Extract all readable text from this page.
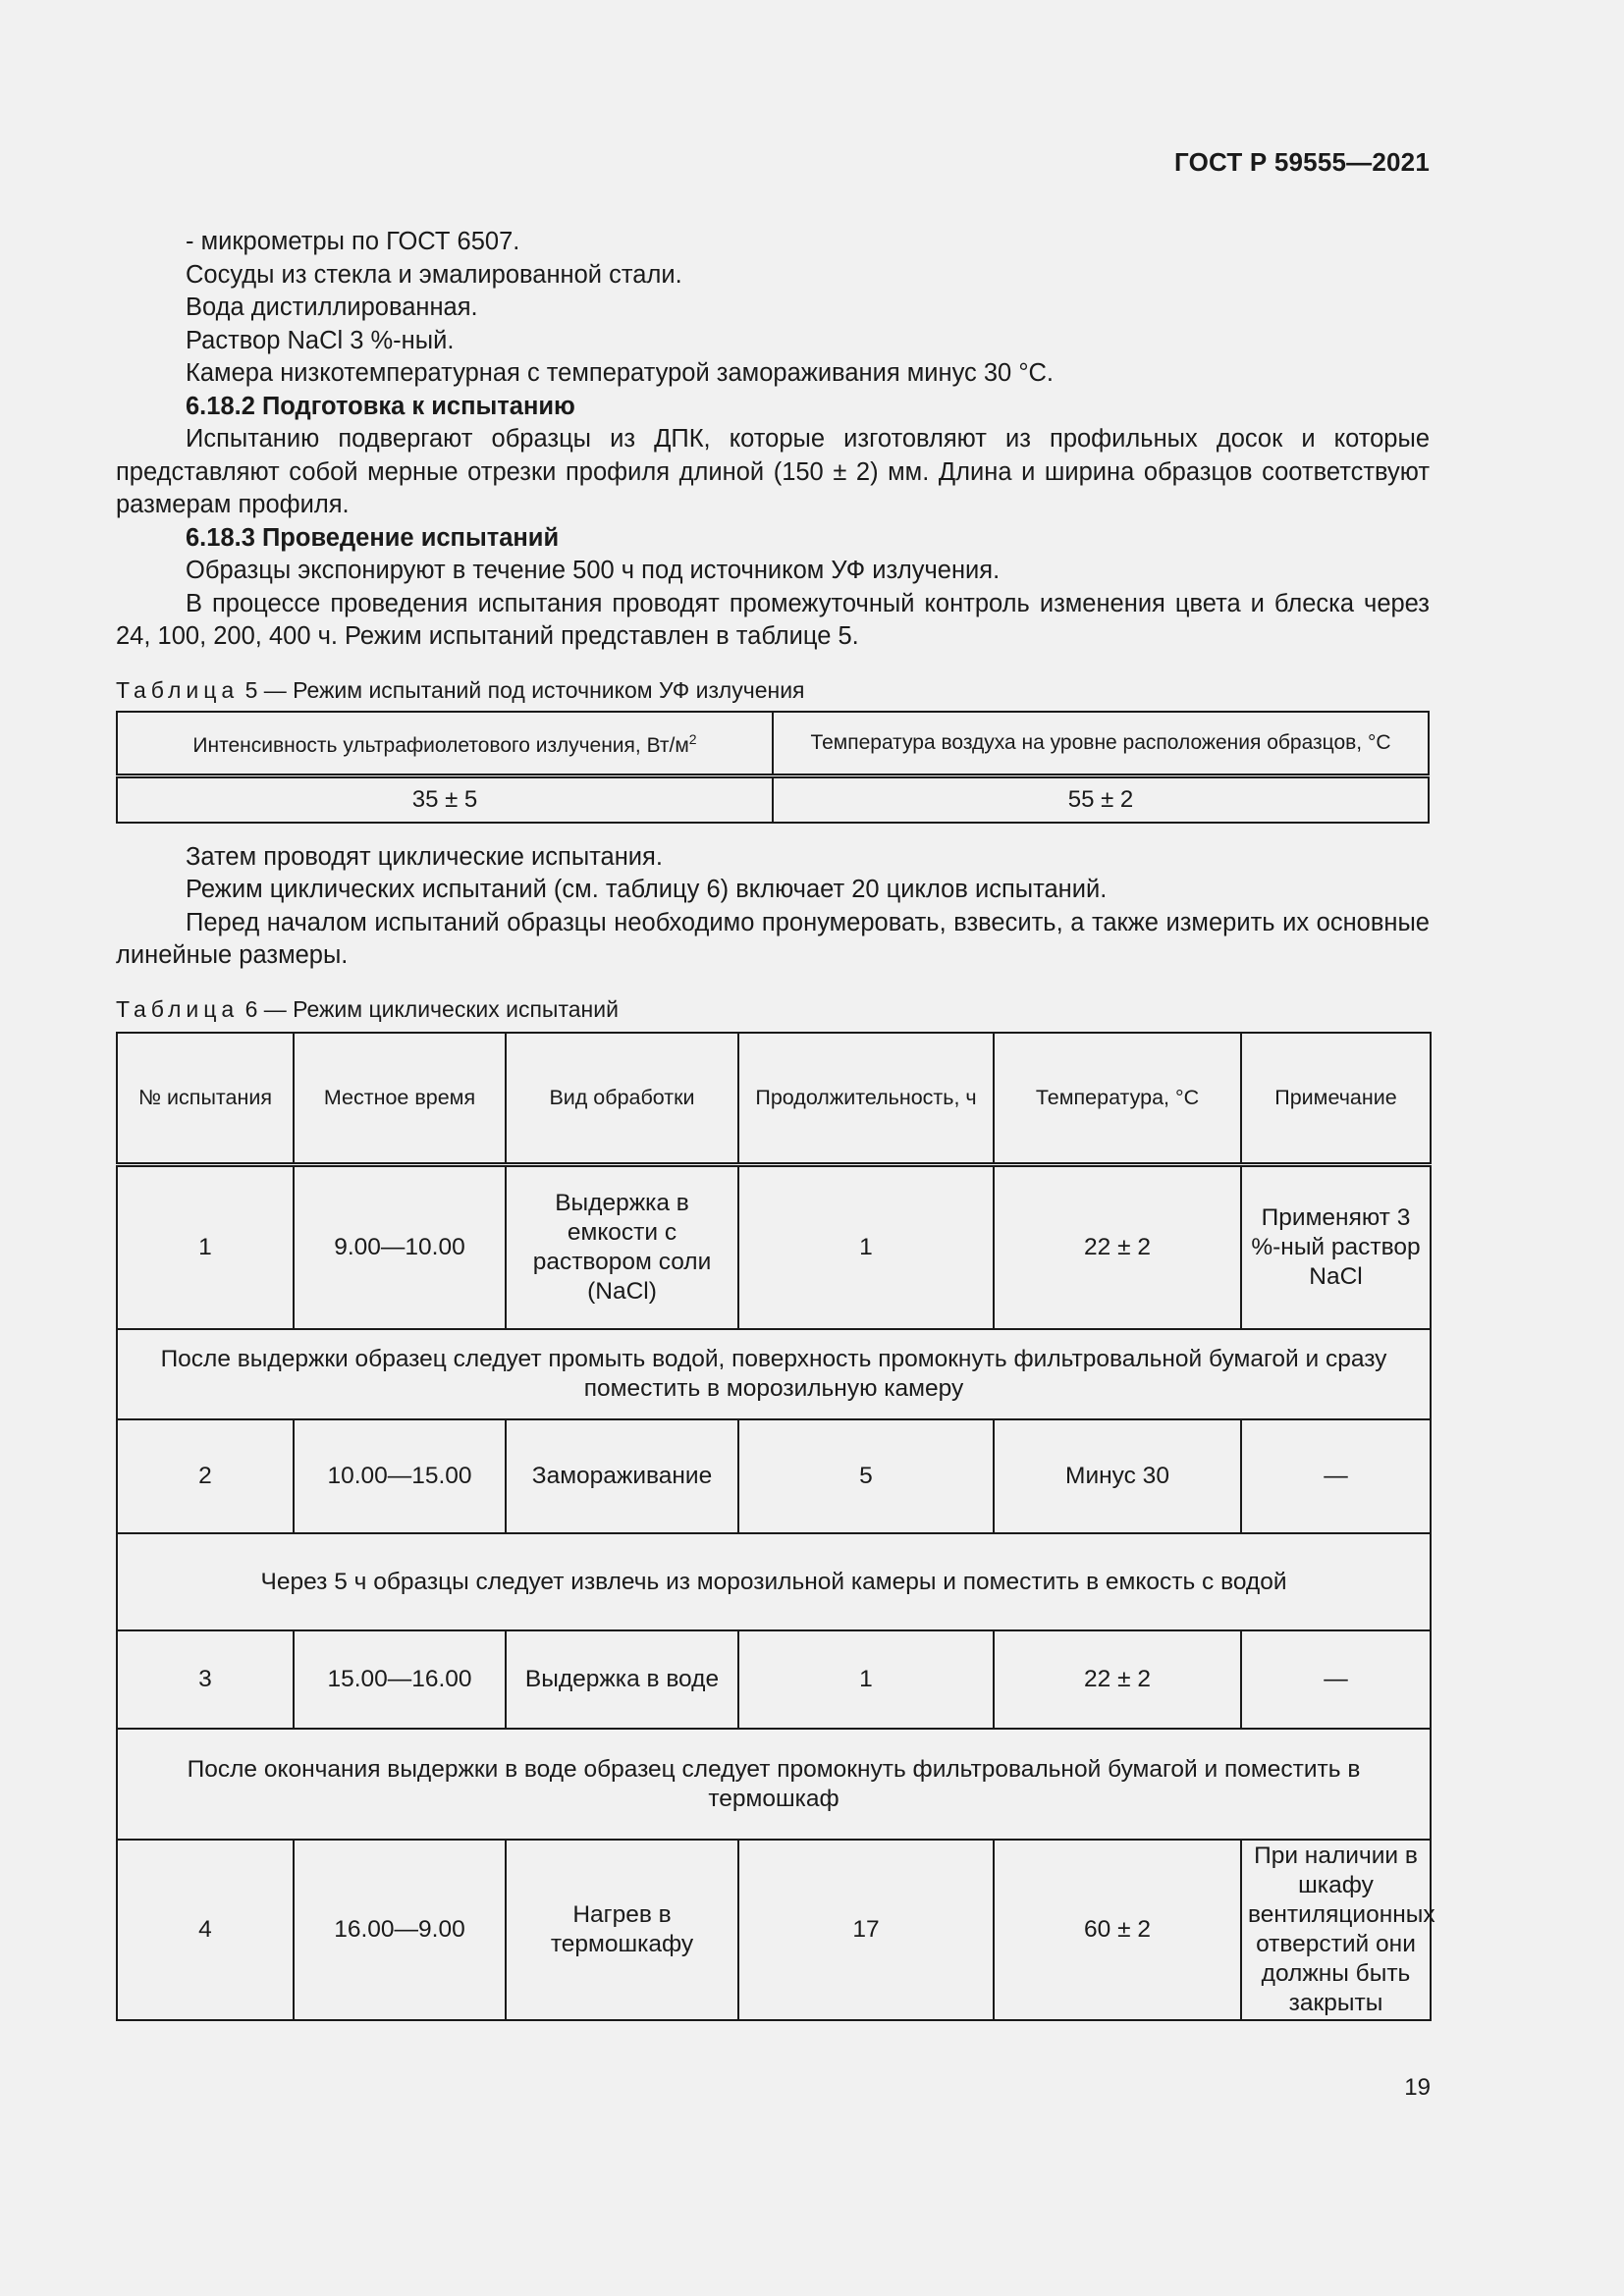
ГОСТ Р 59555—2021

- микрометры по ГОСТ 6507.

Сосуды из стекла и эмалированной стали.

Вода дистиллированная.

Раствор NaCl 3 %-ный.

Камера низкотемпературная с температурой замораживания минус 30 °С.

6.18.2 Подготовка к испытанию

Испытанию подвергают образцы из ДПК, которые изготовляют из профильных досок и которые представляют собой мерные отрезки профиля длиной (150 ± 2) мм. Длина и ширина образцов соответствуют размерам профиля.

6.18.3 Проведение испытаний

Образцы экспонируют в течение 500 ч под источником УФ излучения.

В процессе проведения испытания проводят промежуточный контроль изменения цвета и блеска через 24, 100, 200, 400 ч. Режим испытаний представлен в таблице 5.

Таблица 5 — Режим испытаний под источником УФ излучения

Интенсивность ультрафиолетового излучения, $Вт/м^2$	Температура воздуха на уровне расположения образцов, °С
35 ± 5	55 ± 2

Затем проводят циклические испытания.

Режим циклических испытаний (см. таблицу 6) включает 20 циклов испытаний.

Перед началом испытаний образцы необходимо пронумеровать, взвесить, а также измерить их основные линейные размеры.

Таблица 6 — Режим циклических испытаний

№ испытания	Местное время	Вид обработки	Продолжительность, ч	Температура, °С	Примечание
1	9.00—10.00	Выдержка в емкости с раствором соли (NaCl)	1	22 ± 2	Применяют 3 %-ный раствор NaCl
После выдержки образец следует промыть водой, поверхность промокнуть фильтровальной бумагой и сразу поместить в морозильную камеру					
2	10.00—15.00	Замораживание	5	Минус 30	—
Через 5 ч образцы следует извлечь из морозильной камеры и поместить в емкость с водой					
3	15.00—16.00	Выдержка в воде	1	22 ± 2	—
После окончания выдержки в воде образец следует промокнуть фильтровальной бумагой и поместить в термошкаф					
4	16.00—9.00	Нагрев в термошкафу	17	60 ± 2	При наличии в шкафу вентиляционных отверстий они должны быть закрыты
19
